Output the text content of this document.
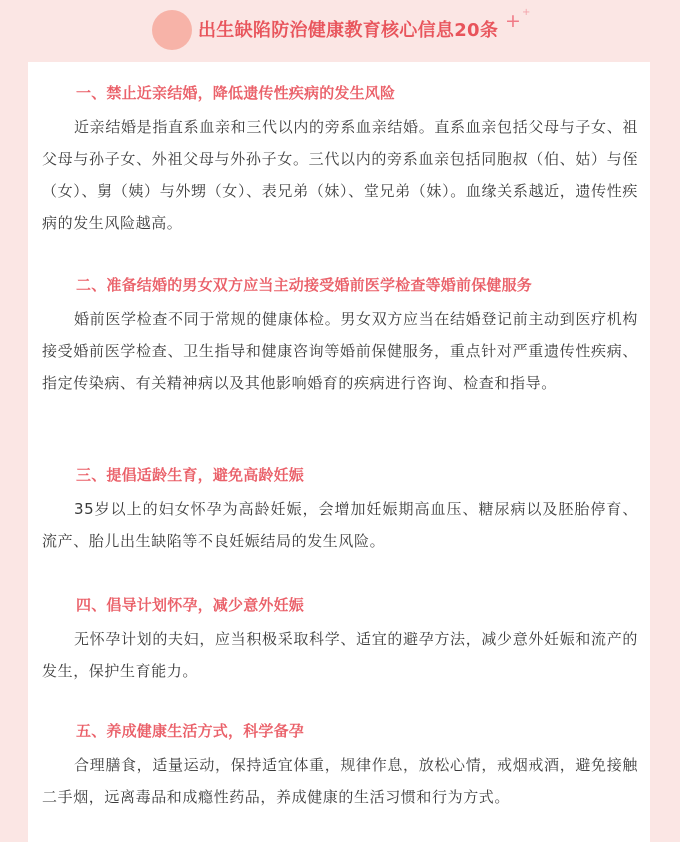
出生缺陷防治健康教育核心信息20条 + +
一、禁止近亲结婚，降低遗传性疾病的发生风险
近亲结婚是指直系血亲和三代以内的旁系血亲结婚。直系血亲包括父母与子女、祖父母与孙子女、外祖父母与外孙子女。三代以内的旁系血亲包括同胞叔（伯、姑）与侄（女）、舅（姨）与外甥（女）、表兄弟（妹）、堂兄弟（妹）。血缘关系越近，遗传性疾病的发生风险越高。
二、准备结婚的男女双方应当主动接受婚前医学检查等婚前保健服务
婚前医学检查不同于常规的健康体检。男女双方应当在结婚登记前主动到医疗机构接受婚前医学检查、卫生指导和健康咨询等婚前保健服务，重点针对严重遗传性疾病、指定传染病、有关精神病以及其他影响婚育的疾病进行咨询、检查和指导。
三、提倡适龄生育，避免高龄妊娠
35岁以上的妇女怀孕为高龄妊娠，会增加妊娠期高血压、糖尿病以及胚胎停育、流产、胎儿出生缺陷等不良妊娠结局的发生风险。
四、倡导计划怀孕，减少意外妊娠
无怀孕计划的夫妇，应当积极采取科学、适宜的避孕方法，减少意外妊娠和流产的发生，保护生育能力。
五、养成健康生活方式，科学备孕
合理膳食，适量运动，保持适宜体重，规律作息，放松心情，戒烟戒酒，避免接触二手烟，远离毒品和成瘾性药品，养成健康的生活习惯和行为方式。
